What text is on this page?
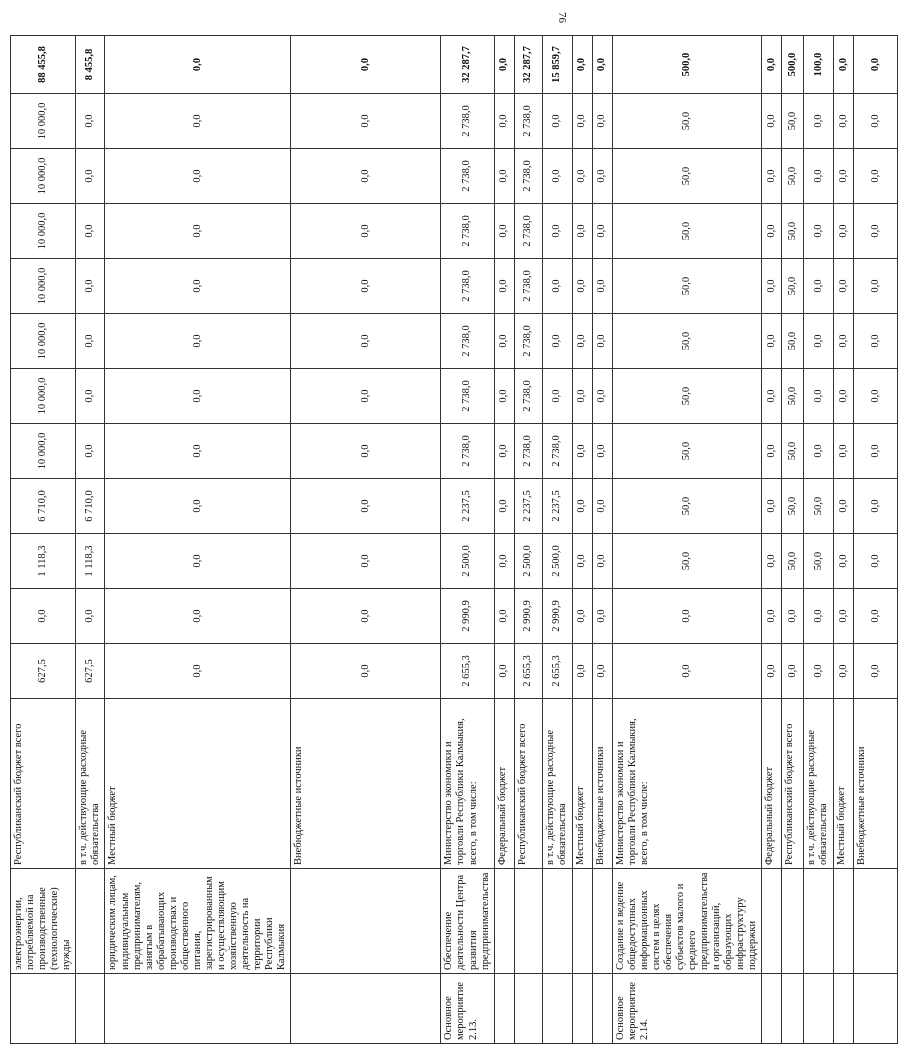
76
	электроэнергии, потребляемой на производственные (технологические) нужды	Республиканский бюджет всего	627,5	0,0	1 118,3	6 710,0	10 000,0	10 000,0	10 000,0	10 000,0	10 000,0	10 000,0	10 000,0	88 455,8
		в т.ч. действующие расходные обязательства	627,5	0,0	1 118,3	6 710,0	0,0	0,0	0,0	0,0	0,0	0,0	0,0	8 455,8
	юридическим лицам, индивидуальным предпринимателям, занятым в обрабатывающих производствах и общественного питания, зарегистрированным и осуществляющим хозяйственную деятельность на территории Республики Калмыкия	Местный бюджет	0,0	0,0	0,0	0,0	0,0	0,0	0,0	0,0	0,0	0,0	0,0	0,0
		Внебюджетные источники	0,0	0,0	0,0	0,0	0,0	0,0	0,0	0,0	0,0	0,0	0,0	0,0
Основное мероприятие 2.13.	Обеспечение деятельности Центра развития предпринимательства	Министерство экономики и торговли Республики Калмыкия, всего, в том числе:	2 655,3	2 990,9	2 500,0	2 237,5	2 738,0	2 738,0	2 738,0	2 738,0	2 738,0	2 738,0	2 738,0	32 287,7
		Федеральный бюджет	0,0	0,0	0,0	0,0	0,0	0,0	0,0	0,0	0,0	0,0	0,0	0,0
		Республиканский бюджет всего	2 655,3	2 990,9	2 500,0	2 237,5	2 738,0	2 738,0	2 738,0	2 738,0	2 738,0	2 738,0	2 738,0	32 287,7
		в т.ч. действующие расходные обязательства	2 655,3	2 990,9	2 500,0	2 237,5	2 738,0	0,0	0,0	0,0	0,0	0,0	0,0	15 859,7
		Местный бюджет	0,0	0,0	0,0	0,0	0,0	0,0	0,0	0,0	0,0	0,0	0,0	0,0
		Внебюджетные источники	0,0	0,0	0,0	0,0	0,0	0,0	0,0	0,0	0,0	0,0	0,0	0,0
Основное мероприятие 2.14.	Создание и ведение общедоступных информационных систем в целях обеспечения субъектов малого и среднего предпринимательства и организаций, образующих инфраструктуру поддержки	Министерство экономики и торговли Республики Калмыкия, всего, в том числе:	0,0	0,0	50,0	50,0	50,0	50,0	50,0	50,0	50,0	50,0	50,0	500,0
		Федеральный бюджет	0,0	0,0	0,0	0,0	0,0	0,0	0,0	0,0	0,0	0,0	0,0	0,0
		Республиканский бюджет всего	0,0	0,0	50,0	50,0	50,0	50,0	50,0	50,0	50,0	50,0	50,0	500,0
		в т.ч. действующие расходные обязательства	0,0	0,0	50,0	50,0	0,0	0,0	0,0	0,0	0,0	0,0	0,0	100,0
		Местный бюджет	0,0	0,0	0,0	0,0	0,0	0,0	0,0	0,0	0,0	0,0	0,0	0,0
		Внебюджетные источники	0,0	0,0	0,0	0,0	0,0	0,0	0,0	0,0	0,0	0,0	0,0	0,0
